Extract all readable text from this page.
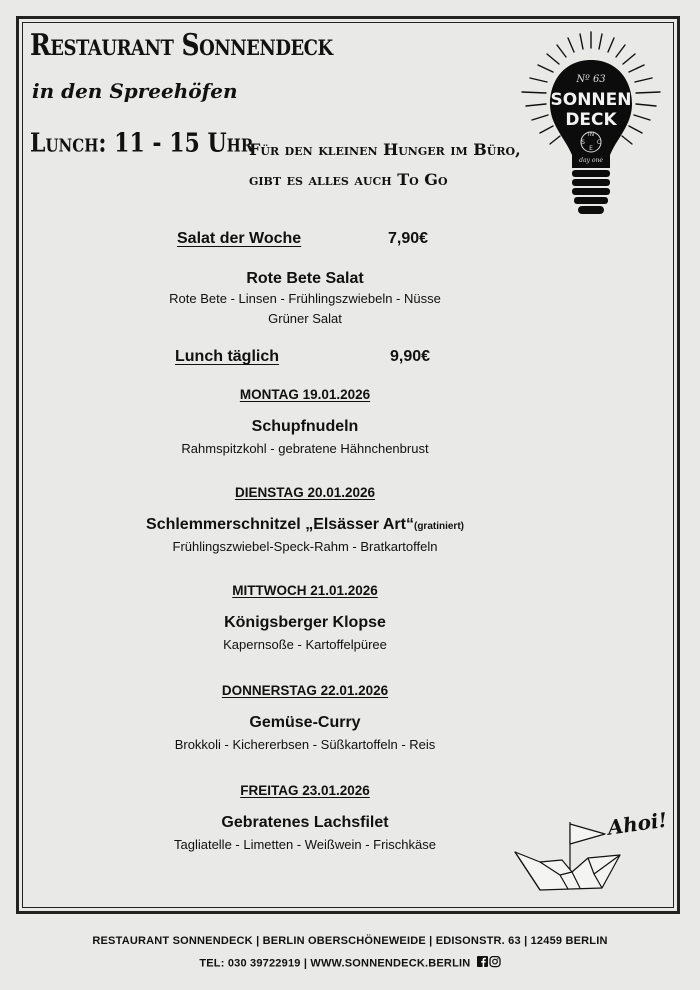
Restaurant Sonnendeck
in den Spreehöfen
Lunch: 11 - 15 Uhr
Für den kleinen Hunger im Büro,
gibt es alles auch To Go
Nº 63
SONNEN
DECK
IN
S C
E
day one
Salat der Woche	7,90€
Rote Bete Salat
Rote Bete - Linsen - Frühlingszwiebeln - Nüsse
Grüner Salat
Lunch täglich	9,90€
MONTAG 19.01.2026
Schupfnudeln
Rahmspitzkohl - gebratene Hähnchenbrust
DIENSTAG 20.01.2026
Schlemmerschnitzel „Elsässer Art“(gratiniert)
Frühlingszwiebel-Speck-Rahm - Bratkartoffeln
MITTWOCH 21.01.2026
Königsberger Klopse
Kapernsoße - Kartoffelpüree
DONNERSTAG 22.01.2026
Gemüse-Curry
Brokkoli - Kichererbsen - Süßkartoffeln - Reis
FREITAG 23.01.2026
Gebratenes Lachsfilet
Tagliatelle - Limetten - Weißwein - Frischkäse
Ahoi!
RESTAURANT SONNENDECK | BERLIN OBERSCHÖNEWEIDE | EDISONSTR. 63 | 12459 BERLIN
TEL: 030 39722919 | WWW.SONNENDECK.BERLIN
